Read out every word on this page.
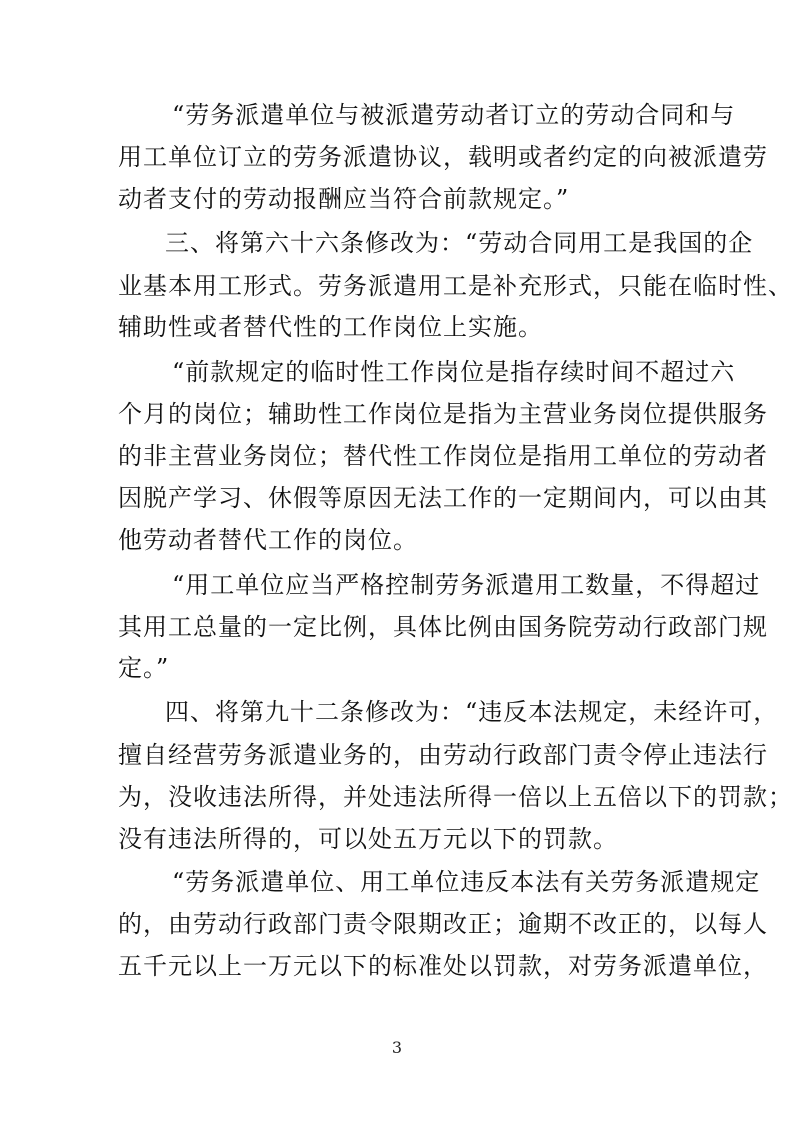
“劳务派遣单位与被派遣劳动者订立的劳动合同和与
用工单位订立的劳务派遣协议，载明或者约定的向被派遣劳
动者支付的劳动报酬应当符合前款规定。”
三、将第六十六条修改为：“劳动合同用工是我国的企
业基本用工形式。劳务派遣用工是补充形式，只能在临时性、
辅助性或者替代性的工作岗位上实施。
“前款规定的临时性工作岗位是指存续时间不超过六
个月的岗位；辅助性工作岗位是指为主营业务岗位提供服务
的非主营业务岗位；替代性工作岗位是指用工单位的劳动者
因脱产学习、休假等原因无法工作的一定期间内，可以由其
他劳动者替代工作的岗位。
“用工单位应当严格控制劳务派遣用工数量，不得超过
其用工总量的一定比例，具体比例由国务院劳动行政部门规
定。”
四、将第九十二条修改为：“违反本法规定，未经许可，
擅自经营劳务派遣业务的，由劳动行政部门责令停止违法行
为，没收违法所得，并处违法所得一倍以上五倍以下的罚款；
没有违法所得的，可以处五万元以下的罚款。
“劳务派遣单位、用工单位违反本法有关劳务派遣规定
的，由劳动行政部门责令限期改正；逾期不改正的，以每人
五千元以上一万元以下的标准处以罚款，对劳务派遣单位，
3
